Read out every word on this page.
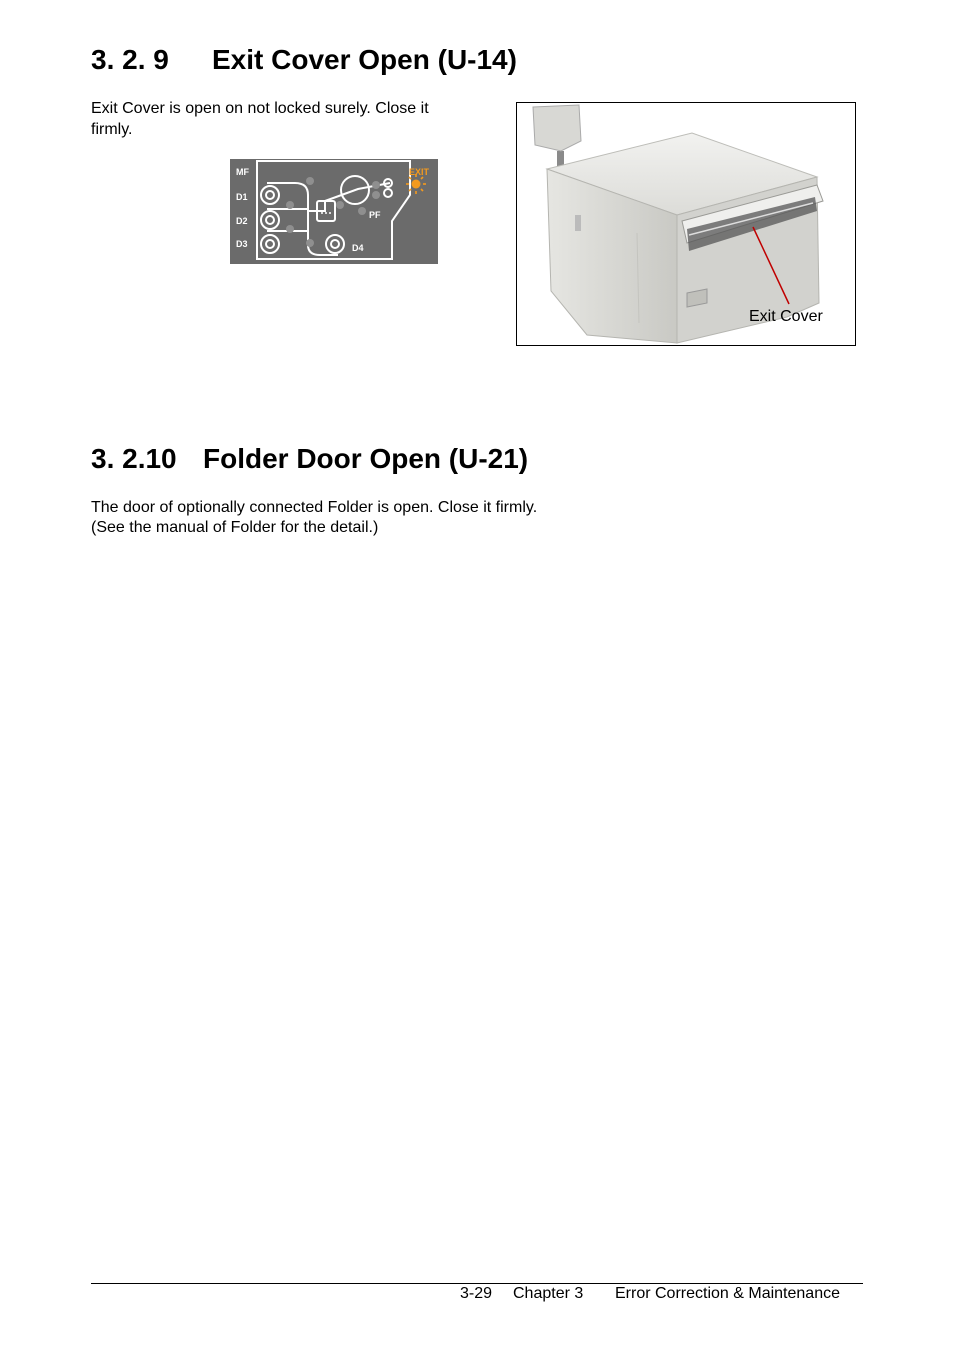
3. 2. 9 Exit Cover Open (U-14)

Exit Cover is open on not locked surely. Close it

firmly.

MF
D1
D2
D3	D4
PF
EXIT
Exit Cover
3. 2.10 Folder Door Open (U-21)

The door of optionally connected Folder is open. Close it firmly.

(See the manual of Folder for the detail.)

3-29 Chapter 3 Error Correction & Maintenance
